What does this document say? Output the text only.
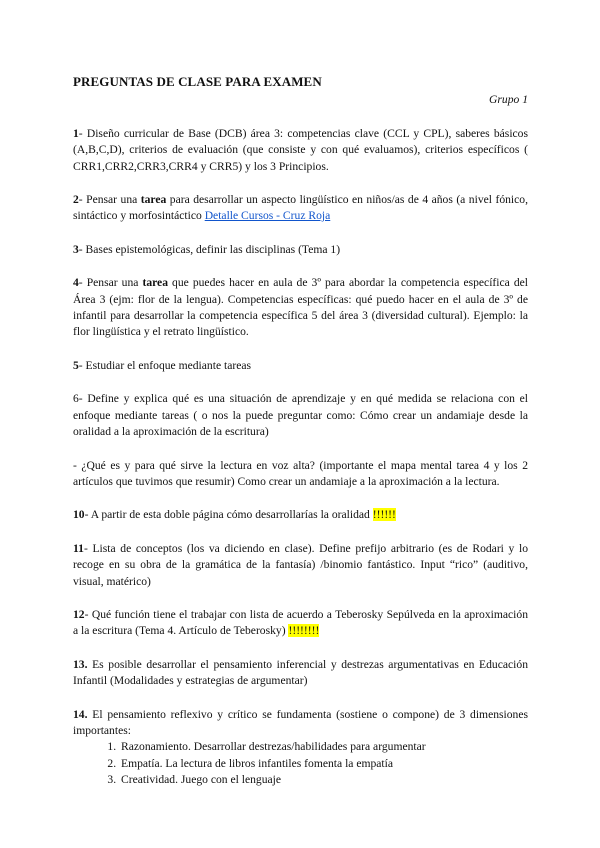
PREGUNTAS DE CLASE PARA EXAMEN
Grupo 1

1- Diseño curricular de Base (DCB) área 3: competencias clave (CCL y CPL), saberes básicos (A,B,C,D), criterios de evaluación (que consiste y con qué evaluamos), criterios específicos ( CRR1,CRR2,CRR3,CRR4 y CRR5) y los 3 Principios.

2- Pensar una tarea para desarrollar un aspecto lingüístico en niños/as de 4 años (a nivel fónico, sintáctico y morfosintáctico Detalle Cursos - Cruz Roja

3- Bases epistemológicas, definir las disciplinas (Tema 1)

4- Pensar una tarea que puedes hacer en aula de 3º para abordar la competencia específica del Área 3 (ejm: flor de la lengua). Competencias específicas: qué puedo hacer en el aula de 3º de infantil para desarrollar la competencia específica 5 del área 3 (diversidad cultural). Ejemplo: la flor lingüística y el retrato lingüístico.

5- Estudiar el enfoque mediante tareas

6- Define y explica qué es una situación de aprendizaje y en qué medida se relaciona con el enfoque mediante tareas ( o nos la puede preguntar como: Cómo crear un andamiaje desde la oralidad a la aproximación de la escritura)

- ¿Qué es y para qué sirve la lectura en voz alta? (importante el mapa mental tarea 4 y los 2 artículos que tuvimos que resumir) Como crear un andamiaje a la aproximación a la lectura.

10- A partir de esta doble página cómo desarrollarías la oralidad !!!!!!

11- Lista de conceptos (los va diciendo en clase). Define prefijo arbitrario (es de Rodari y lo recoge en su obra de la gramática de la fantasía) /binomio fantástico. Input “rico” (auditivo, visual, matérico)

12- Qué función tiene el trabajar con lista de acuerdo a Teberosky Sepúlveda en la aproximación a la escritura (Tema 4. Artículo de Teberosky) !!!!!!!!

13. Es posible desarrollar el pensamiento inferencial y destrezas argumentativas en Educación Infantil (Modalidades y estrategias de argumentar)

14. El pensamiento reflexivo y crítico se fundamenta (sostiene o compone) de 3 dimensiones importantes:

1. Razonamiento. Desarrollar destrezas/habilidades para argumentar
2. Empatía. La lectura de libros infantiles fomenta la empatía
3. Creatividad. Juego con el lenguaje
